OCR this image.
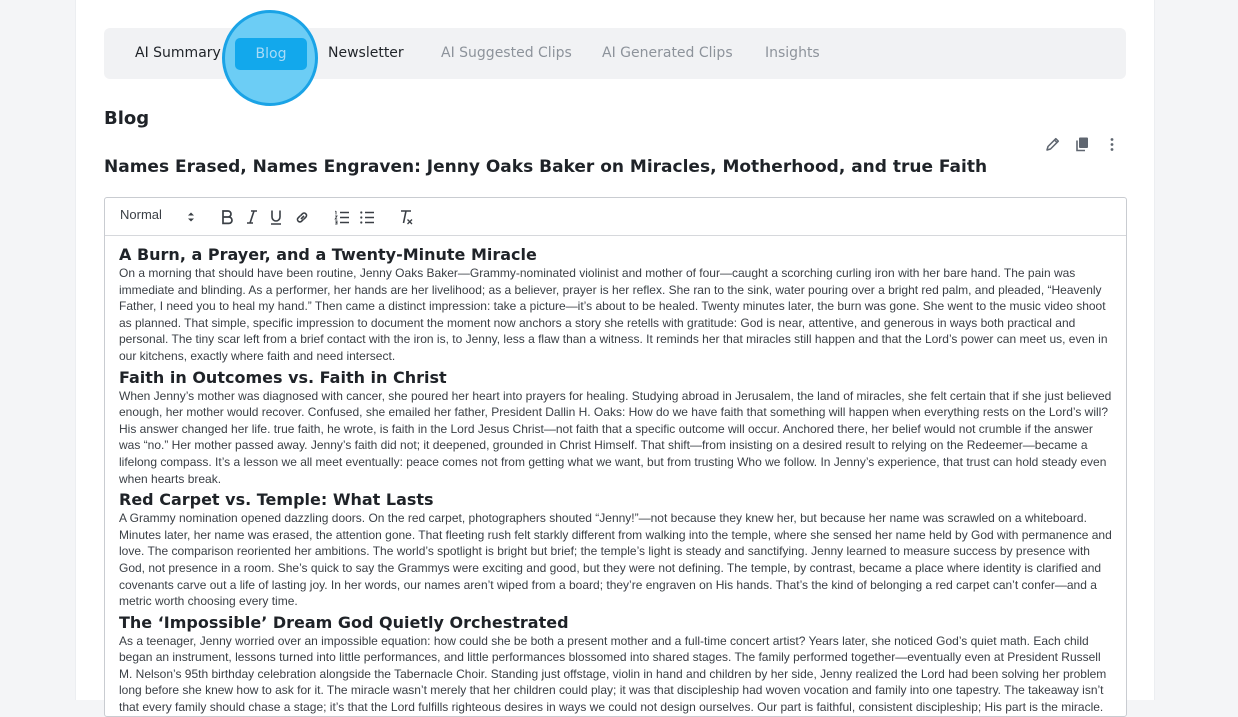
AI Summary	Blog	Newsletter	AI Suggested Clips AI Generated Clips Insights
Blog
Names Erased, Names Engraven: Jenny Oaks Baker on Miracles, Motherhood, and true Faith
Normal
A Burn, a Prayer, and a Twenty-Minute Miracle

On a morning that should have been routine, Jenny Oaks Baker—Grammy-nominated violinist and mother of four—caught a scorching curling iron with her bare hand. The pain was immediate and blinding. As a performer, her hands are her livelihood; as a believer, prayer is her reflex. She ran to the sink, water pouring over a bright red palm, and pleaded, “Heavenly Father, I need you to heal my hand.” Then came a distinct impression: take a picture—it’s about to be healed. Twenty minutes later, the burn was gone. She went to the music video shoot as planned. That simple, specific impression to document the moment now anchors a story she retells with gratitude: God is near, attentive, and generous in ways both practical and personal. The tiny scar left from a brief contact with the iron is, to Jenny, less a flaw than a witness. It reminds her that miracles still happen and that the Lord’s power can meet us, even in our kitchens, exactly where faith and need intersect.

Faith in Outcomes vs. Faith in Christ

When Jenny’s mother was diagnosed with cancer, she poured her heart into prayers for healing. Studying abroad in Jerusalem, the land of miracles, she felt certain that if she just believed enough, her mother would recover. Confused, she emailed her father, President Dallin H. Oaks: How do we have faith that something will happen when everything rests on the Lord’s will? His answer changed her life. true faith, he wrote, is faith in the Lord Jesus Christ—not faith that a specific outcome will occur. Anchored there, her belief would not crumble if the answer was “no.” Her mother passed away. Jenny’s faith did not; it deepened, grounded in Christ Himself. That shift—from insisting on a desired result to relying on the Redeemer—became a lifelong compass. It’s a lesson we all meet eventually: peace comes not from getting what we want, but from trusting Who we follow. In Jenny’s experience, that trust can hold steady even when hearts break.

Red Carpet vs. Temple: What Lasts

A Grammy nomination opened dazzling doors. On the red carpet, photographers shouted “Jenny!”—not because they knew her, but because her name was scrawled on a whiteboard. Minutes later, her name was erased, the attention gone. That fleeting rush felt starkly different from walking into the temple, where she sensed her name held by God with permanence and love. The comparison reoriented her ambitions. The world’s spotlight is bright but brief; the temple’s light is steady and sanctifying. Jenny learned to measure success by presence with God, not presence in a room. She’s quick to say the Grammys were exciting and good, but they were not defining. The temple, by contrast, became a place where identity is clarified and covenants carve out a life of lasting joy. In her words, our names aren’t wiped from a board; they’re engraven on His hands. That’s the kind of belonging a red carpet can’t confer—and a metric worth choosing every time.

The ‘Impossible’ Dream God Quietly Orchestrated

As a teenager, Jenny worried over an impossible equation: how could she be both a present mother and a full-time concert artist? Years later, she noticed God’s quiet math. Each child began an instrument, lessons turned into little performances, and little performances blossomed into shared stages. The family performed together—eventually even at President Russell M. Nelson’s 95th birthday celebration alongside the Tabernacle Choir. Standing just offstage, violin in hand and children by her side, Jenny realized the Lord had been solving her problem long before she knew how to ask for it. The miracle wasn’t merely that her children could play; it was that discipleship had woven vocation and family into one tapestry. The takeaway isn’t that every family should chase a stage; it’s that the Lord fulfills righteous desires in ways we could not design ourselves. Our part is faithful, consistent discipleship; His part is the miracle.
